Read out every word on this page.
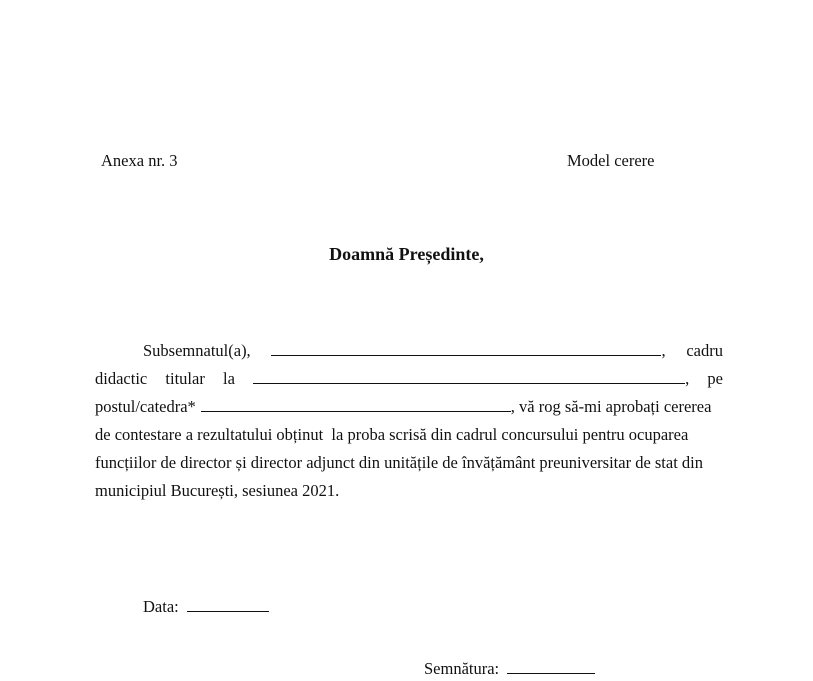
Anexa nr. 3	Model cerere
Doamnă Președinte,
Subsemnatul(a),	, cadru
didactic titular la	, pe
postul/catedra*	, vă rog să-mi aprobați cererea
de contestare a rezultatului obținut  la proba scrisă din cadrul concursului pentru ocuparea
funcțiilor de director și director adjunct din unitățile de învățământ preuniversitar de stat din
municipiul București, sesiunea 2021.
Data:
Semnătura:
